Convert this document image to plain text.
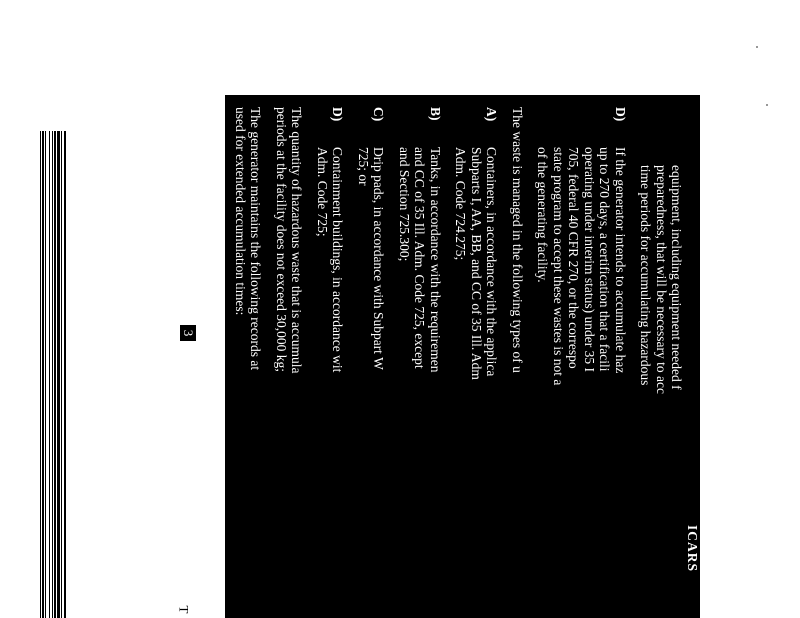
3
T
ICARS
equipment, including equipment needed f
preparedness, that will be necessary to acc
time periods for accumulating hazardous
D)If the generator intends to accumulate haz
up to 270 days, a certification that a facili
operating under interim status) under 35 I
705, federal 40 CFR 270, or the correspo
state program to accept these wastes is not a
of the generating facility.
The waste is managed in the following types of u
A)Containers, in accordance with the applica
Subparts I, AA, BB, and CC of 35 Ill. Adm
Adm. Code 724.275;
B)Tanks, in accordance with the requiremen
and CC of 35 Ill. Adm. Code 725, except
and Section 725.300;
C)Drip pads, in accordance with Subpart W
725; or
D)Containment buildings, in accordance wit
Adm. Code 725;
The quantity of hazardous waste that is accumula
periods at the facility does not exceed 30,000 kg;
The generator maintains the following records at
used for extended accumulation times:
